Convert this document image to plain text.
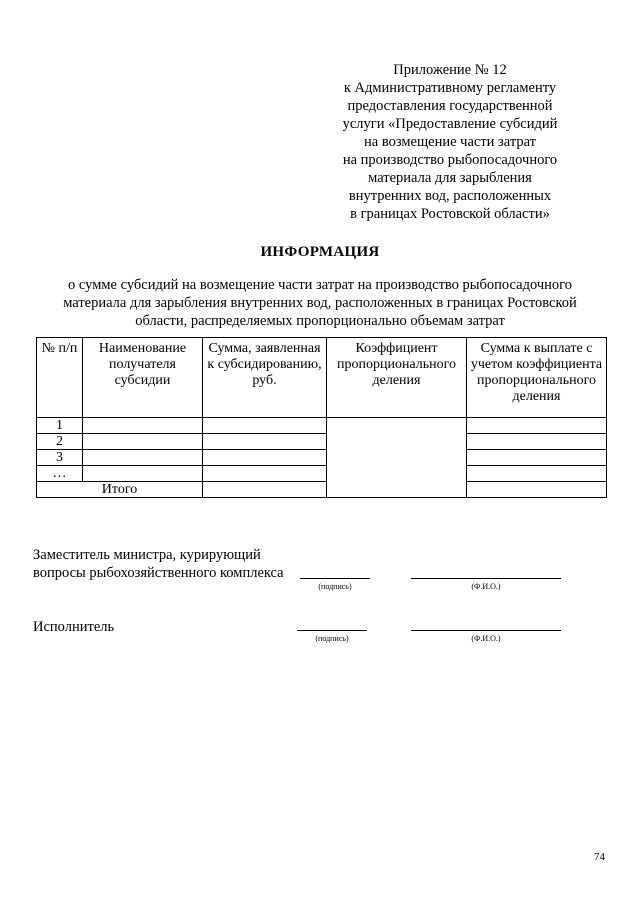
Приложение № 12
к Административному регламенту
предоставления государственной
услуги «Предоставление субсидий
на возмещение части затрат
на производство рыбопосадочного
материала для зарыбления
внутренних вод, расположенных
в границах Ростовской области»
ИНФОРМАЦИЯ
о сумме субсидий на возмещение части затрат на производство рыбопосадочного
материала для зарыбления внутренних вод, расположенных в границах Ростовской
области, распределяемых пропорционально объемам затрат
№ п/п	Наименование получателя субсидии	Сумма, заявленная к субсидированию, руб.	Коэффициент пропорционального деления	Сумма к выплате с учетом коэффициента пропорционального деления
1				
2				
3				
…				
Итого				
Заместитель министра, курирующий
вопросы рыбохозяйственного комплекса
(подпись)	(Ф.И.О.)
Исполнитель
(подпись)	(Ф.И.О.)
74
